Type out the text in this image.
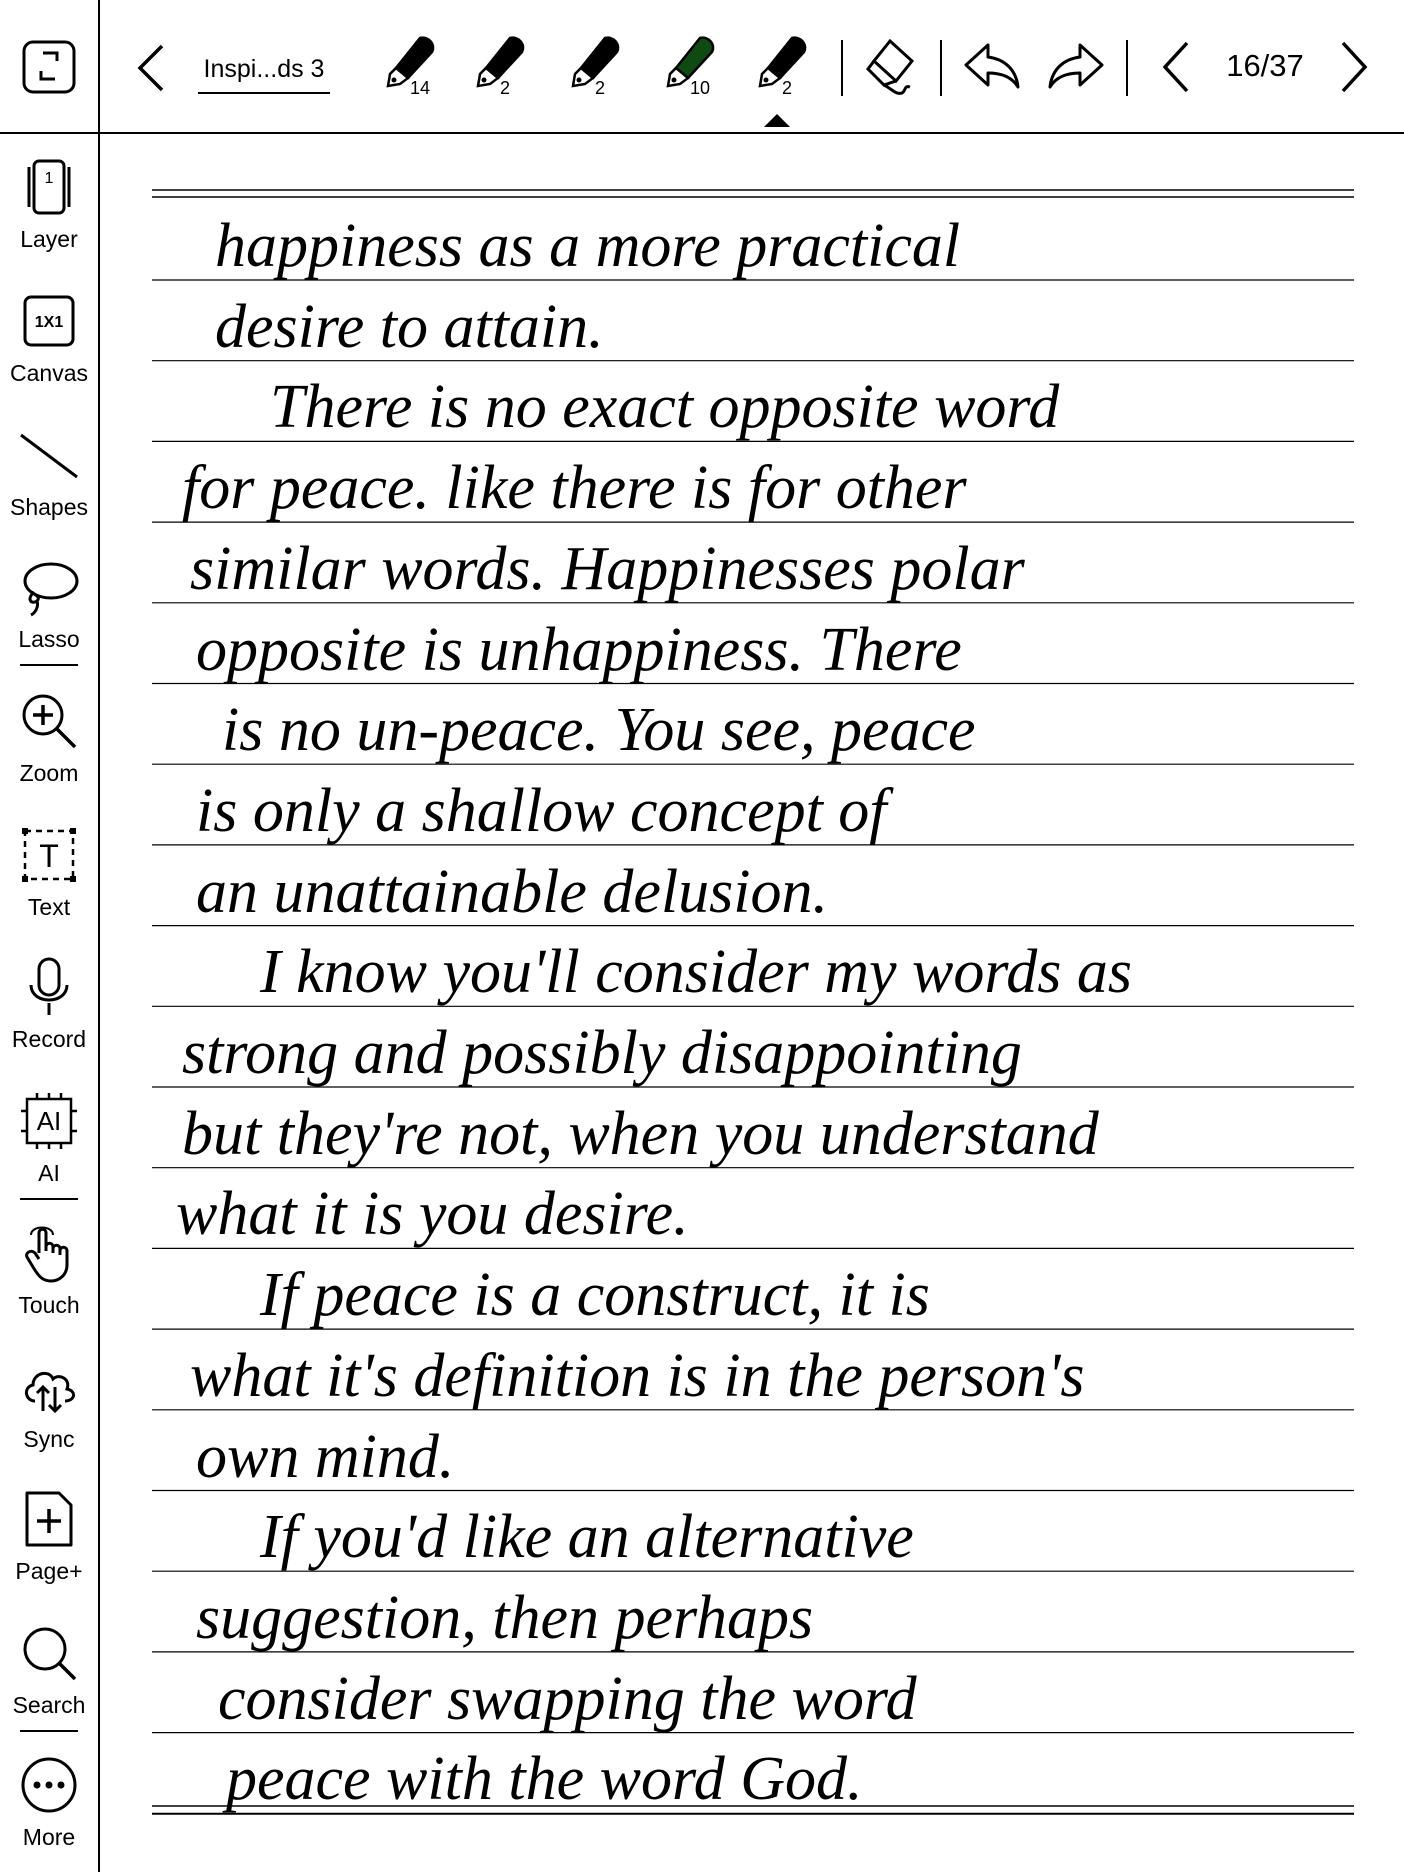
Inspi...ds 3
14	2	2	10	2
16/37
1
Layer
1X1
Canvas
Shapes
Lasso
Zoom
T
Text
Record
AI
AI
Touch
Sync
Page+
Search
More
happiness as a more practical
desire to attain.
There is no exact opposite word
for peace. like there is for other
similar words. Happinesses polar
opposite is unhappiness. There
is no un-peace. You see, peace
is only a shallow concept of
an unattainable delusion.
I know you'll consider my words as
strong and possibly disappointing
but they're not, when you understand
what it is you desire.
If peace is a construct, it is
what it's definition is in the person's
own mind.
If you'd like an alternative
suggestion, then perhaps
consider swapping the word
peace with the word God.
